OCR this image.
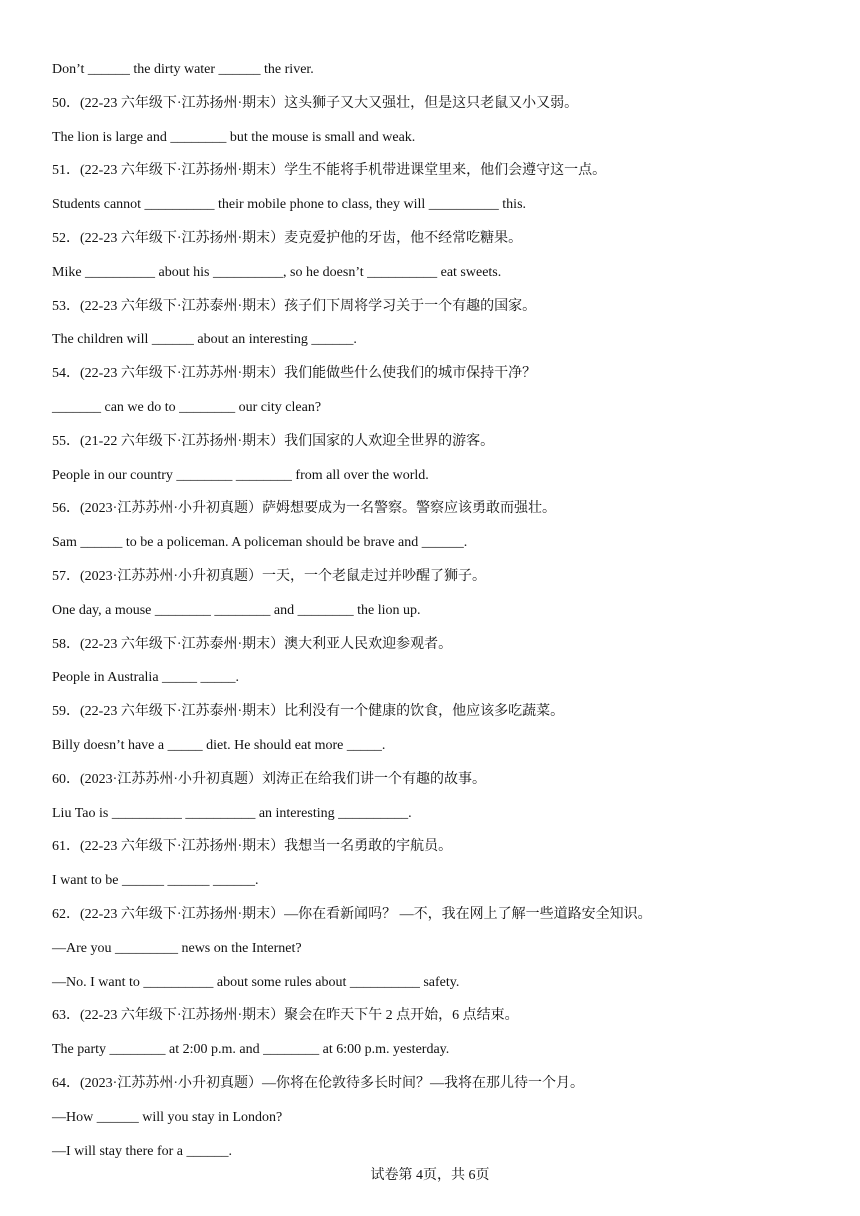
Don’t ______ the dirty water ______ the river.
50．(22-23 六年级下·江苏扬州·期末）这头狮子又大又强壮，但是这只老鼠又小又弱。
The lion is large and ________ but the mouse is small and weak.
51．(22-23 六年级下·江苏扬州·期末）学生不能将手机带进课堂里来，他们会遵守这一点。
Students cannot __________ their mobile phone to class, they will __________ this.
52．(22-23 六年级下·江苏扬州·期末）麦克爱护他的牙齿，他不经常吃糖果。
Mike __________ about his __________, so he doesn’t __________ eat sweets.
53．(22-23 六年级下·江苏泰州·期末）孩子们下周将学习关于一个有趣的国家。
The children will ______ about an interesting ______.
54．(22-23 六年级下·江苏苏州·期末）我们能做些什么使我们的城市保持干净？
_______ can we do to ________ our city clean?
55．(21-22 六年级下·江苏扬州·期末）我们国家的人欢迎全世界的游客。
People in our country ________ ________ from all over the world.
56．(2023·江苏苏州·小升初真题）萨姆想要成为一名警察。警察应该勇敢而强壮。
Sam ______ to be a policeman. A policeman should be brave and ______.
57．(2023·江苏苏州·小升初真题）一天，一个老鼠走过并吵醒了狮子。
One day, a mouse ________ ________ and ________ the lion up.
58．(22-23 六年级下·江苏泰州·期末）澳大利亚人民欢迎参观者。
People in Australia _____ _____.
59．(22-23 六年级下·江苏泰州·期末）比利没有一个健康的饮食，他应该多吃蔬菜。
Billy doesn’t have a _____ diet. He should eat more _____.
60．(2023·江苏苏州·小升初真题）刘涛正在给我们讲一个有趣的故事。
Liu Tao is __________ __________ an interesting __________.
61．(22-23 六年级下·江苏扬州·期末）我想当一名勇敢的宇航员。
I want to be ______ ______ ______.
62．(22-23 六年级下·江苏扬州·期末）—你在看新闻吗？ —不，我在网上了解一些道路安全知识。
—Are you _________ news on the Internet?
—No. I want to __________ about some rules about __________ safety.
63．(22-23 六年级下·江苏扬州·期末）聚会在昨天下午 2 点开始，6 点结束。
The party ________ at 2:00 p.m. and ________ at 6:00 p.m. yesterday.
64．(2023·江苏苏州·小升初真题）—你将在伦敦待多长时间？—我将在那儿待一个月。
—How ______ will you stay in London?
—I will stay there for a ______.
试卷第 4页，共 6页
